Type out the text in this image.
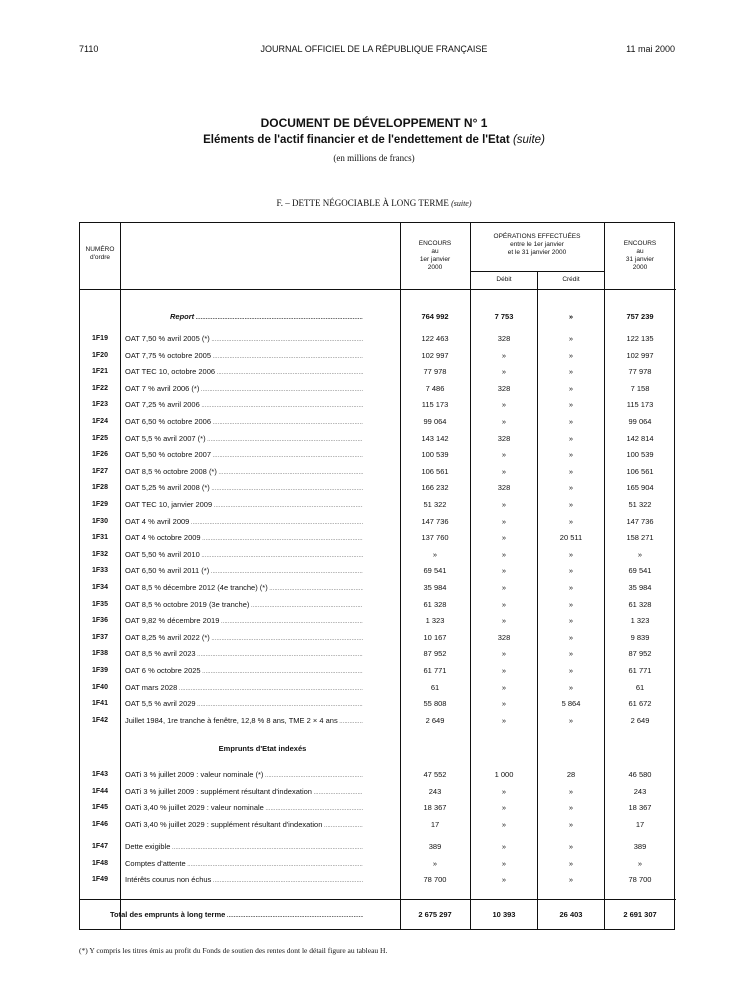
7110	JOURNAL OFFICIEL DE LA RÉPUBLIQUE FRANÇAISE	11 mai 2000
DOCUMENT DE DÉVELOPPEMENT N° 1
Eléments de l'actif financier et de l'endettement de l'Etat (suite)
(en millions de francs)
F. – DETTE NÉGOCIABLE À LONG TERME (suite)
NUMÉRO
d'ordre
ENCOURS
au
1er janvier
2000
OPÉRATIONS EFFECTUÉES
entre le 1er janvier
et le 31 janvier 2000
Débit	Crédit
ENCOURS
au
31 janvier
2000
Report .....	764 992	7 753	»	757 239
1F19	OAT 7,50 % avril 2005 (*) .....	122 463	328	»	122 135
1F20	OAT 7,75 % octobre 2005 .....	102 997	»	»	102 997
1F21	OAT TEC 10, octobre 2006 .....	77 978	»	»	77 978
1F22	OAT 7 % avril 2006 (*) .....	7 486	328	»	7 158
1F23	OAT 7,25 % avril 2006 .....	115 173	»	»	115 173
1F24	OAT 6,50 % octobre 2006 .....	99 064	»	»	99 064
1F25	OAT 5,5 % avril 2007 (*) .....	143 142	328	»	142 814
1F26	OAT 5,50 % octobre 2007 .....	100 539	»	»	100 539
1F27	OAT 8,5 % octobre 2008 (*) .....	106 561	»	»	106 561
1F28	OAT 5,25 % avril 2008 (*) .....	166 232	328	»	165 904
1F29	OAT TEC 10, janvier 2009 .....	51 322	»	»	51 322
1F30	OAT 4 % avril 2009 .....	147 736	»	»	147 736
1F31	OAT 4 % octobre 2009 .....	137 760	»	20 511	158 271
1F32	OAT 5,50 % avril 2010 .....	»	»	»	»
1F33	OAT 6,50 % avril 2011 (*) .....	69 541	»	»	69 541
1F34	OAT 8,5 % décembre 2012 (4e tranche) (*) .....	35 984	»	»	35 984
1F35	OAT 8,5 % octobre 2019 (3e tranche) .....	61 328	»	»	61 328
1F36	OAT 9,82 % décembre 2019 .....	1 323	»	»	1 323
1F37	OAT 8,25 % avril 2022 (*) .....	10 167	328	»	9 839
1F38	OAT 8,5 % avril 2023 .....	87 952	»	»	87 952
1F39	OAT 6 % octobre 2025 .....	61 771	»	»	61 771
1F40	OAT mars 2028 .....	61	»	»	61
1F41	OAT 5,5 % avril 2029 .....	55 808	»	5 864	61 672
1F42	Juillet 1984, 1re tranche à fenêtre, 12,8 % 8 ans, TME 2 × 4 ans .....	2 649	»	»	2 649
Emprunts d'Etat indexés
1F43	OATi 3 % juillet 2009 : valeur nominale (*) .....	47 552	1 000	28	46 580
1F44	OATi 3 % juillet 2009 : supplément résultant d'indexation .....	243	»	»	243
1F45	OATi 3,40 % juillet 2029 : valeur nominale .....	18 367	»	»	18 367
1F46	OATi 3,40 % juillet 2029 : supplément résultant d'indexation .....	17	»	»	17
1F47	Dette exigible .....	389	»	»	389
1F48	Comptes d'attente .....	»	»	»	»
1F49	Intérêts courus non échus .....	78 700	»	»	78 700
Total des emprunts à long terme .....	2 675 297	10 393	26 403	2 691 307
(*) Y compris les titres émis au profit du Fonds de soutien des rentes dont le détail figure au tableau H.
